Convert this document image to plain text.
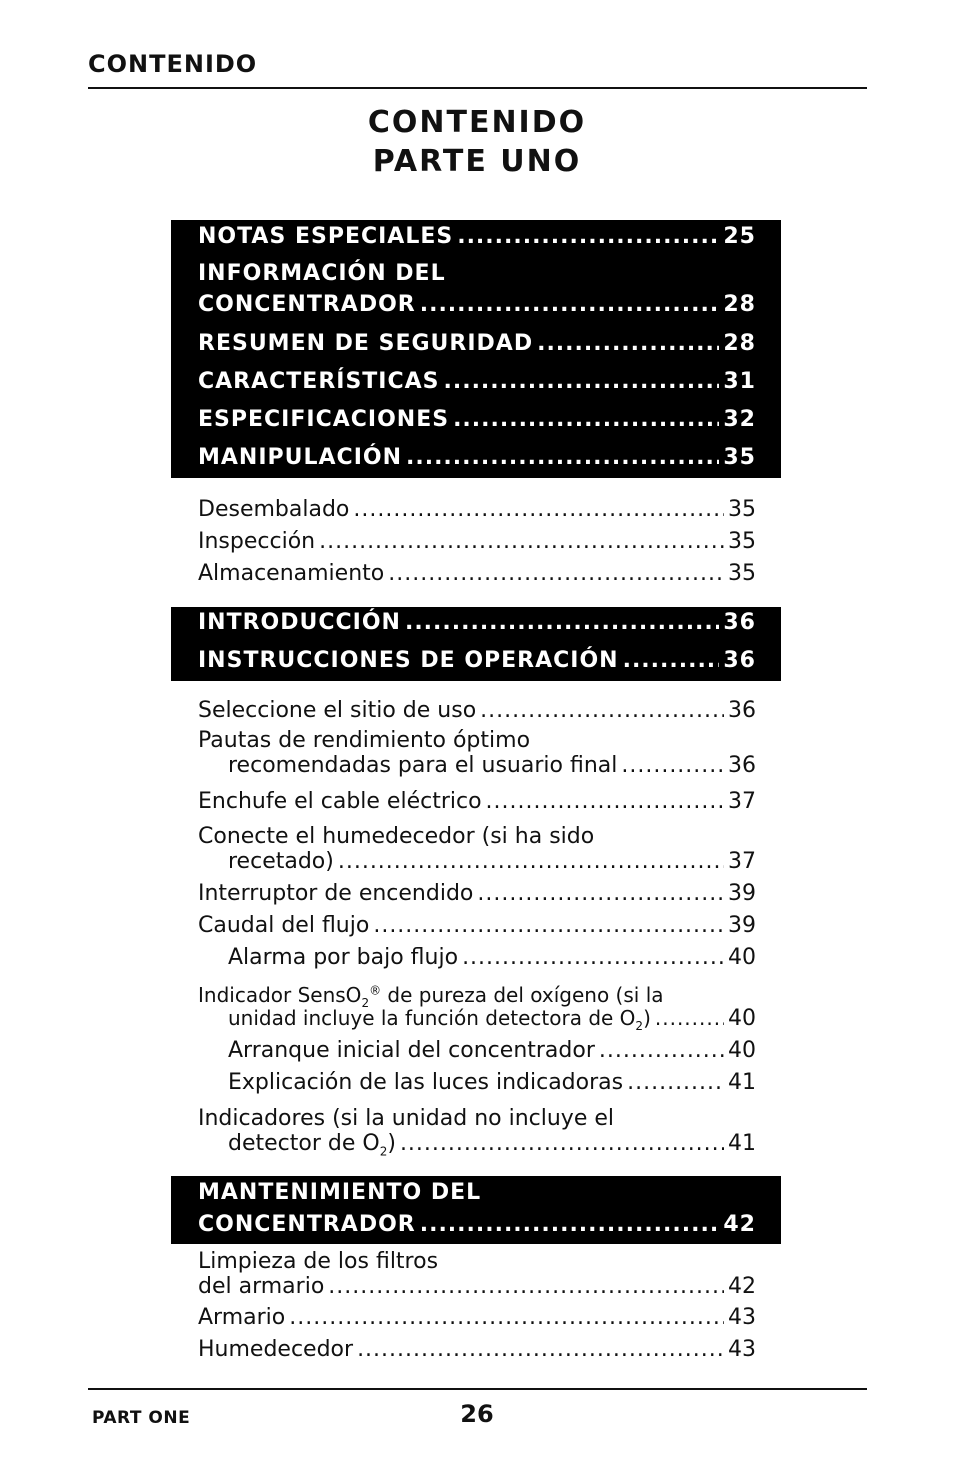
CONTENIDO
CONTENIDO
PARTE UNO
NOTAS ESPECIALES .....	25
INFORMACIÓN DEL
CONCENTRADOR .....	28
RESUMEN DE SEGURIDAD .....	28
CARACTERÍSTICAS .....	31
ESPECIFICACIONES .....	32
MANIPULACIÓN .....	35
Desembalado .....	35
Inspección .....	35
Almacenamiento .....	35
INTRODUCCIÓN .....	36
INSTRUCCIONES DE OPERACIÓN .....	36
Seleccione el sitio de uso .....	36
Pautas de rendimiento óptimo
recomendadas para el usuario final .....	36
Enchufe el cable eléctrico .....	37
Conecte el humedecedor (si ha sido
recetado) .....	37
Interruptor de encendido .....	39
Caudal del flujo .....	39
Alarma por bajo flujo .....	40
Indicador SensO$_2$® de pureza del oxígeno (si la
unidad incluye la función detectora de $O_2$) .....	40
Arranque inicial del concentrador .....	40
Explicación de las luces indicadoras .....	41
Indicadores (si la unidad no incluye el
detector de $O_2$) .....	41
MANTENIMIENTO DEL
CONCENTRADOR .....	42
Limpieza de los filtros
del armario .....	42
Armario .....	43
Humedecedor .....	43
PART ONE	26
